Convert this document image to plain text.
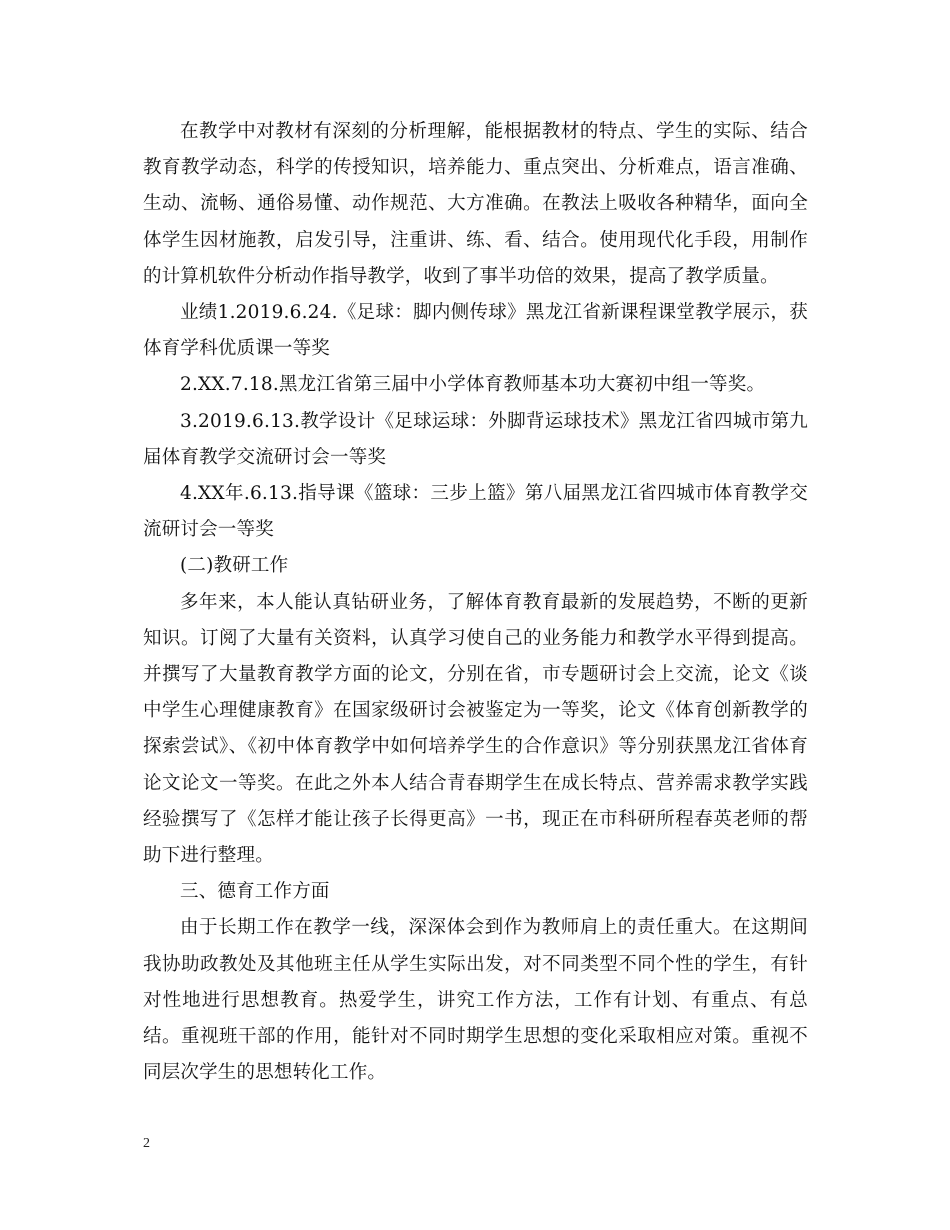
在教学中对教材有深刻的分析理解，能根据教材的特点、学生的实际、结合教育教学动态，科学的传授知识，培养能力、重点突出、分析难点，语言准确、生动、流畅、通俗易懂、动作规范、大方准确。在教法上吸收各种精华，面向全体学生因材施教，启发引导，注重讲、练、看、结合。使用现代化手段，用制作的计算机软件分析动作指导教学，收到了事半功倍的效果，提高了教学质量。

业绩1.2019.6.24.《足球：脚内侧传球》黑龙江省新课程课堂教学展示，获体育学科优质课一等奖

2.XX.7.18.黑龙江省第三届中小学体育教师基本功大赛初中组一等奖。

3.2019.6.13.教学设计《足球运球：外脚背运球技术》黑龙江省四城市第九届体育教学交流研讨会一等奖

4.XX年.6.13.指导课《篮球：三步上篮》第八届黑龙江省四城市体育教学交流研讨会一等奖

(二)教研工作

多年来，本人能认真钻研业务，了解体育教育最新的发展趋势，不断的更新知识。订阅了大量有关资料，认真学习使自己的业务能力和教学水平得到提高。并撰写了大量教育教学方面的论文，分别在省，市专题研讨会上交流，论文《谈中学生心理健康教育》在国家级研讨会被鉴定为一等奖，论文《体育创新教学的探索尝试》、《初中体育教学中如何培养学生的合作意识》等分别获黑龙江省体育论文论文一等奖。在此之外本人结合青春期学生在成长特点、营养需求教学实践经验撰写了《怎样才能让孩子长得更高》一书，现正在市科研所程春英老师的帮助下进行整理。

三、德育工作方面

由于长期工作在教学一线，深深体会到作为教师肩上的责任重大。在这期间我协助政教处及其他班主任从学生实际出发，对不同类型不同个性的学生，有针对性地进行思想教育。热爱学生，讲究工作方法，工作有计划、有重点、有总结。重视班干部的作用，能针对不同时期学生思想的变化采取相应对策。重视不同层次学生的思想转化工作。

2
